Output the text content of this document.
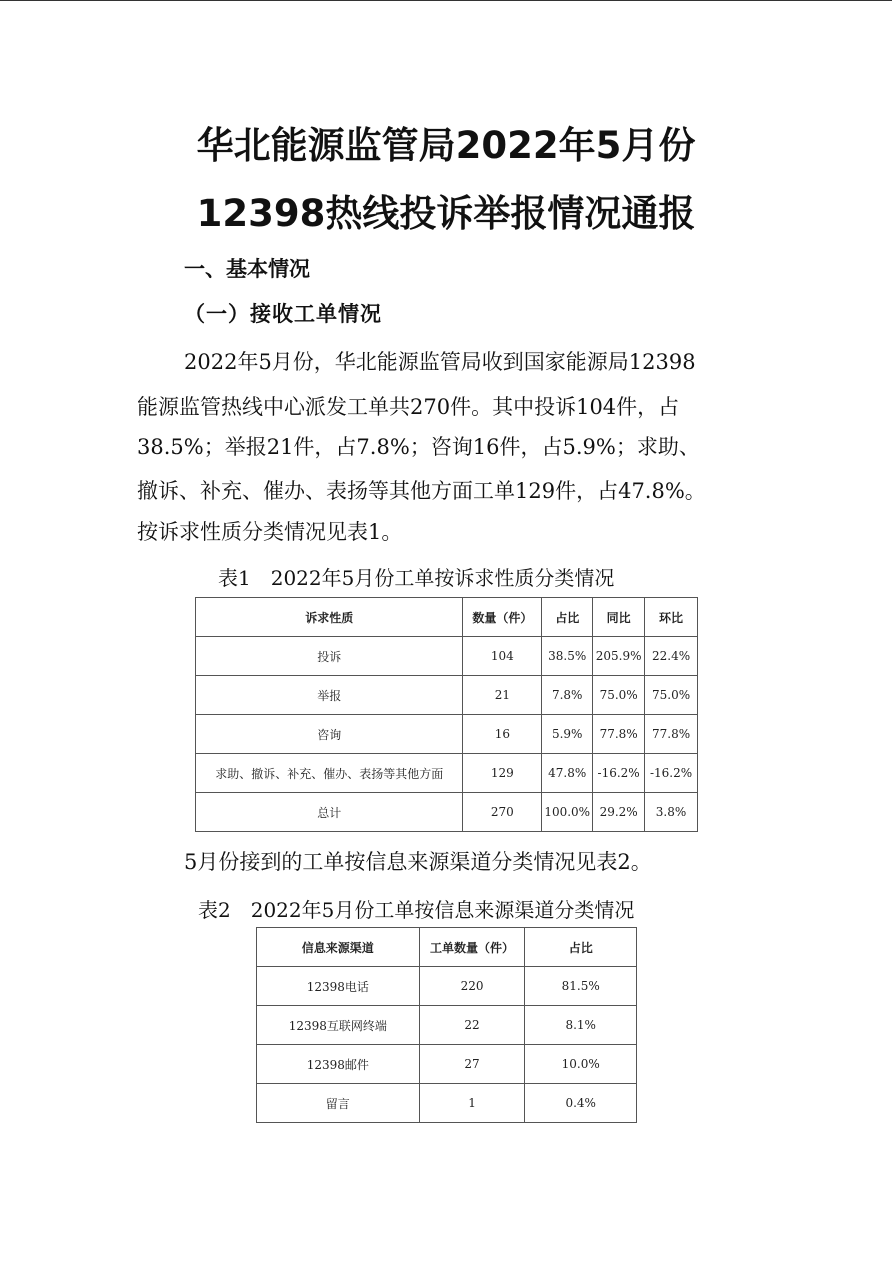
华北能源监管局2022年5月份
12398热线投诉举报情况通报
一、基本情况
（一）接收工单情况
2022年5月份，华北能源监管局收到国家能源局12398
能源监管热线中心派发工单共270件。其中投诉104件，占
38.5%；举报21件，占7.8%；咨询16件，占5.9%；求助、
撤诉、补充、催办、表扬等其他方面工单129件，占47.8%。
按诉求性质分类情况见表1。
表1　2022年5月份工单按诉求性质分类情况
诉求性质	数量（件）	占比	同比	环比
投诉	104	38.5%	205.9%	22.4%
举报	21	7.8%	75.0%	75.0%
咨询	16	5.9%	77.8%	77.8%
求助、撤诉、补充、催办、表扬等其他方面	129	47.8%	-16.2%	-16.2%
总计	270	100.0%	29.2%	3.8%
5月份接到的工单按信息来源渠道分类情况见表2。
表2　2022年5月份工单按信息来源渠道分类情况
信息来源渠道	工单数量（件）	占比
12398电话	220	81.5%
12398互联网终端	22	8.1%
12398邮件	27	10.0%
留言	1	0.4%
